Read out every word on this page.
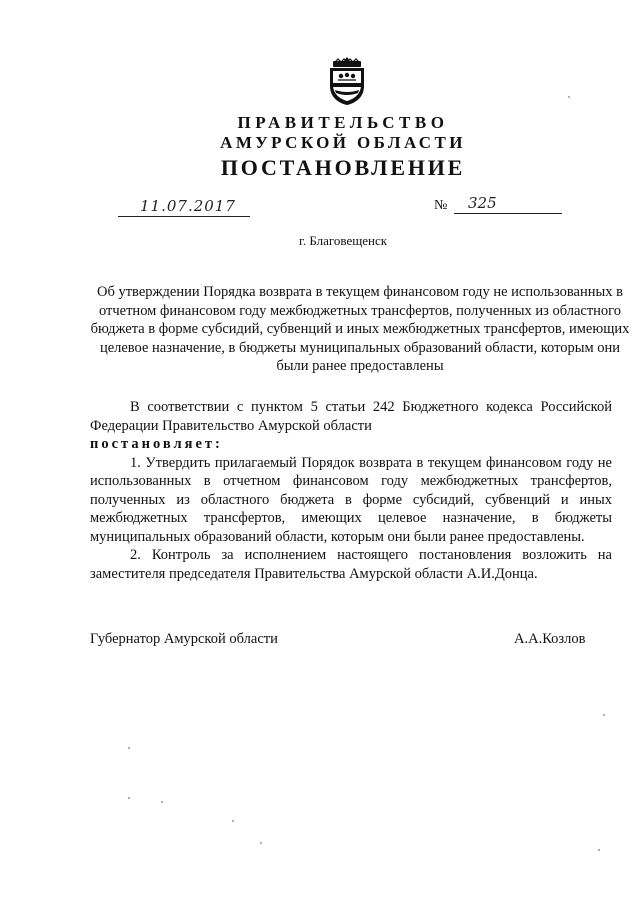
ПРАВИТЕЛЬСТВО
АМУРСКОЙ ОБЛАСТИ
ПОСТАНОВЛЕНИЕ
11.07.2017	№ 325
г. Благовещенск
Об утверждении Порядка возврата в текущем финансовом году не использованных в отчетном финансовом году межбюджетных трансфертов, полученных из областного бюджета в форме субсидий, субвенций и иных межбюджетных трансфертов, имеющих целевое назначение, в бюджеты муниципальных образований области, которым они были ранее предоставлены

В соответствии с пунктом 5 статьи 242 Бюджетного кодекса Российской Федерации Правительство Амурской области

постановляет:

1. Утвердить прилагаемый Порядок возврата в текущем финансовом году не использованных в отчетном финансовом году межбюджетных трансфертов, полученных из областного бюджета в форме субсидий, субвенций и иных межбюджетных трансфертов, имеющих целевое назначение, в бюджеты муниципальных образований области, которым они были ранее предоставлены.

2. Контроль за исполнением настоящего постановления возложить на заместителя председателя Правительства Амурской области А.И.Донца.

Губернатор Амурской области	А.А.Козлов
